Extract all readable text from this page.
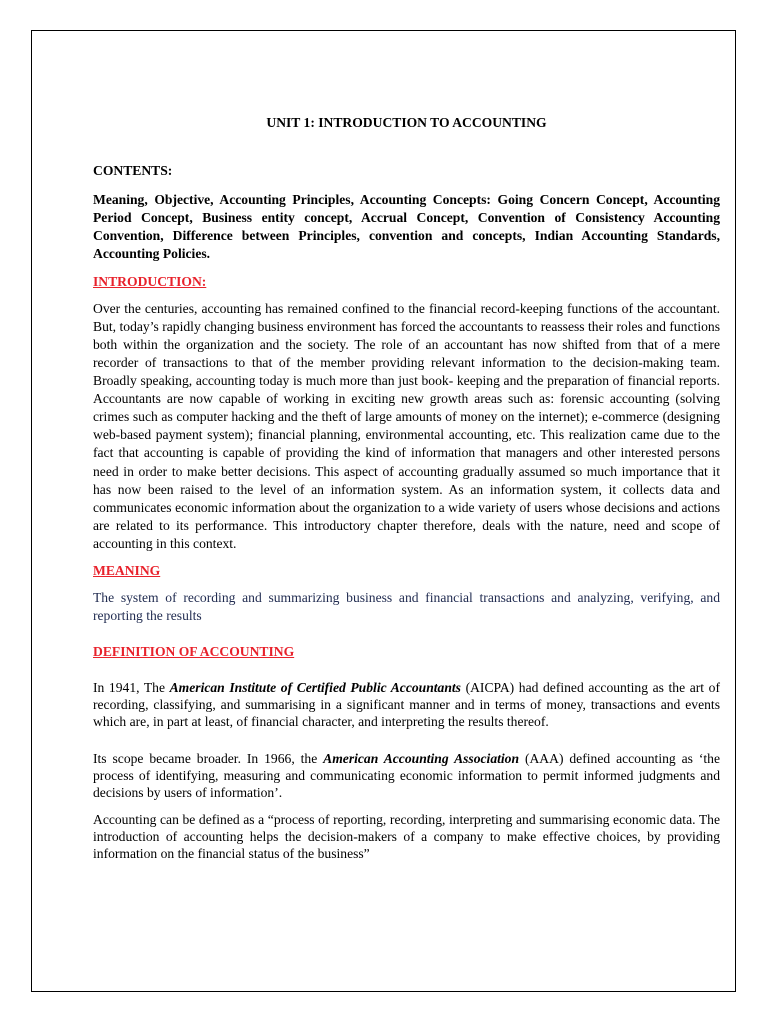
UNIT 1: INTRODUCTION TO ACCOUNTING
CONTENTS:
Meaning, Objective, Accounting Principles, Accounting Concepts: Going Concern Concept, Accounting Period Concept, Business entity concept, Accrual Concept, Convention of Consistency Accounting Convention, Difference between Principles, convention and concepts, Indian Accounting Standards, Accounting Policies.
INTRODUCTION:
Over the centuries, accounting has remained confined to the financial record-keeping functions of the accountant. But, today’s rapidly changing business environment has forced the accountants to reassess their roles and functions both within the organization and the society. The role of an accountant has now shifted from that of a mere recorder of transactions to that of the member providing relevant information to the decision-making team. Broadly speaking, accounting today is much more than just book- keeping and the preparation of financial reports. Accountants are now capable of working in exciting new growth areas such as: forensic accounting (solving crimes such as computer hacking and the theft of large amounts of money on the internet); e-commerce (designing web-based payment system); financial planning, environmental accounting, etc. This realization came due to the fact that accounting is capable of providing the kind of information that managers and other interested persons need in order to make better decisions. This aspect of accounting gradually assumed so much importance that it has now been raised to the level of an information system. As an information system, it collects data and communicates economic information about the organization to a wide variety of users whose decisions and actions are related to its performance. This introductory chapter therefore, deals with the nature, need and scope of accounting in this context.
MEANING
The system of recording and summarizing business and financial transactions and analyzing, verifying, and reporting the results
DEFINITION OF ACCOUNTING
In 1941, The American Institute of Certified Public Accountants (AICPA) had defined accounting as the art of recording, classifying, and summarising in a significant manner and in terms of money, transactions and events which are, in part at least, of financial character, and interpreting the results thereof.
Its scope became broader. In 1966, the American Accounting Association (AAA) defined accounting as ‘the process of identifying, measuring and communicating economic information to permit informed judgments and decisions by users of information’.
Accounting can be defined as a “process of reporting, recording, interpreting and summarising economic data. The introduction of accounting helps the decision-makers of a company to make effective choices, by providing information on the financial status of the business”
